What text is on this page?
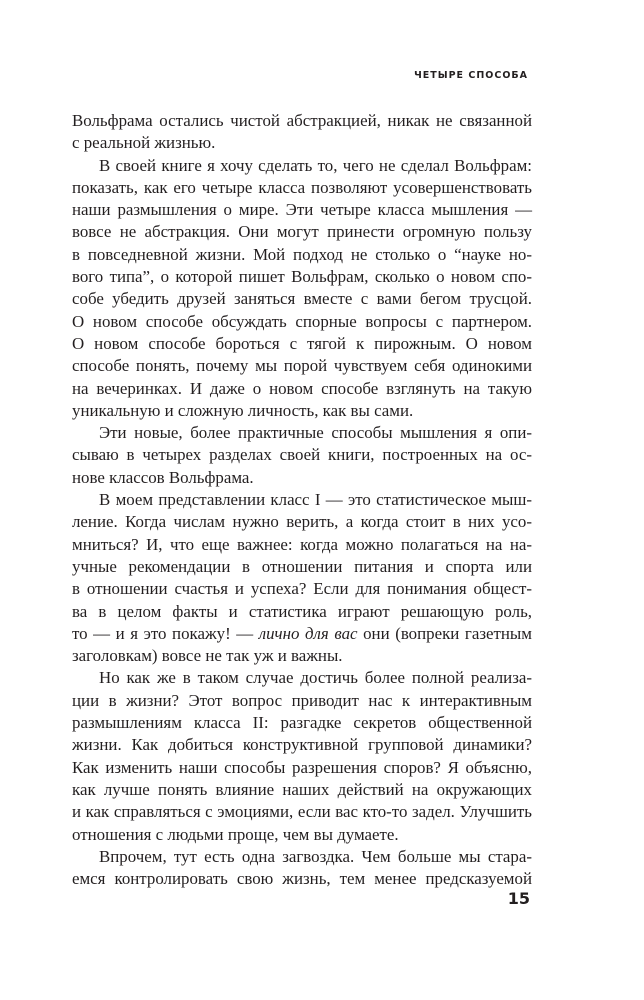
ЧЕТЫРЕ СПОСОБА
Вольфрама остались чистой абстракцией, никак не связанной
с реальной жизнью.
В своей книге я хочу сделать то, чего не сделал Вольфрам:
показать, как его четыре класса позволяют усовершенствовать
наши размышления о мире. Эти четыре класса мышления —
вовсе не абстракция. Они могут принести огромную пользу
в повседневной жизни. Мой подход не столько о “науке но-
вого типа”, о которой пишет Вольфрам, сколько о новом спо-
собе убедить друзей заняться вместе с вами бегом трусцой.
О новом способе обсуждать спорные вопросы с партнером.
О новом способе бороться с тягой к пирожным. О новом
способе понять, почему мы порой чувствуем себя одинокими
на вечеринках. И даже о новом способе взглянуть на такую
уникальную и сложную личность, как вы сами.
Эти новые, более практичные способы мышления я опи-
сываю в четырех разделах своей книги, построенных на ос-
нове классов Вольфрама.
В моем представлении класс I — это статистическое мыш-
ление. Когда числам нужно верить, а когда стоит в них усо-
мниться? И, что еще важнее: когда можно полагаться на на-
учные рекомендации в отношении питания и спорта или
в отношении счастья и успеха? Если для понимания общест-
ва в целом факты и статистика играют решающую роль,
то — и я это покажу! — лично для вас они (вопреки газетным
заголовкам) вовсе не так уж и важны.
Но как же в таком случае достичь более полной реализа-
ции в жизни? Этот вопрос приводит нас к интерактивным
размышлениям класса II: разгадке секретов общественной
жизни. Как добиться конструктивной групповой динамики?
Как изменить наши способы разрешения споров? Я объясню,
как лучше понять влияние наших действий на окружающих
и как справляться с эмоциями, если вас кто-то задел. Улучшить
отношения с людьми проще, чем вы думаете.
Впрочем, тут есть одна загвоздка. Чем больше мы стара-
емся контролировать свою жизнь, тем менее предсказуемой
15
